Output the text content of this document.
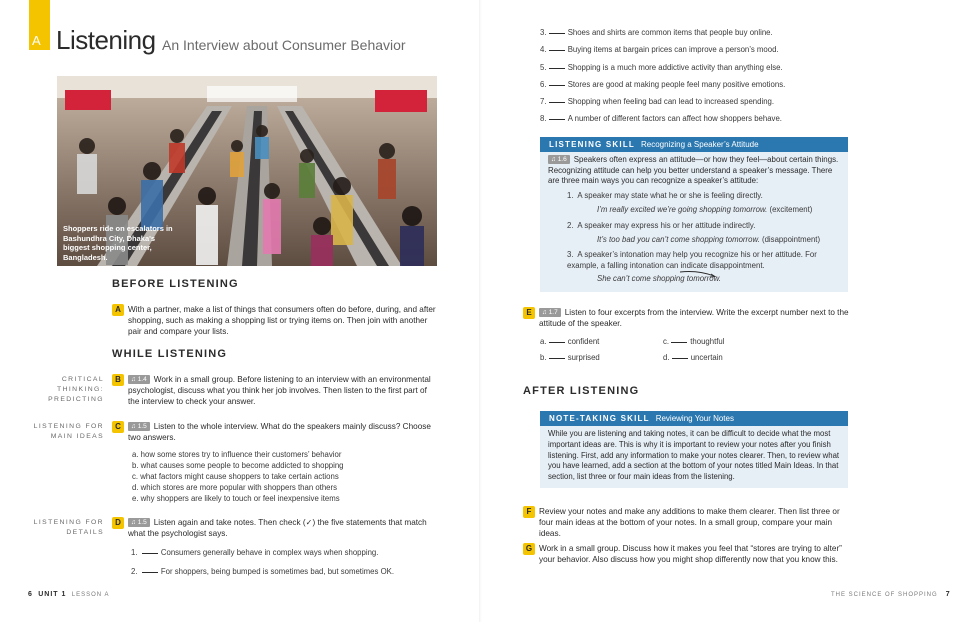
A Listening An Interview about Consumer Behavior
Shoppers ride on escalators in Bashundhra City, Dhaka's biggest shopping center, Bangladesh.
BEFORE LISTENING
A With a partner, make a list of things that consumers often do before, during, and after shopping, such as making a shopping list or trying items on. Then join with another pair and compare your lists.
WHILE LISTENING
CRITICAL THINKING:
PREDICTING
B	♫ 1.4 Work in a small group. Before listening to an interview with an environmental psychologist, discuss what you think her job involves. Then listen to the first part of the interview to check your answer.
LISTENING FOR
MAIN IDEAS
C	♫ 1.5 Listen to the whole interview. What do the speakers mainly discuss? Choose two answers.
a. how some stores try to influence their customers’ behavior
b. what causes some people to become addicted to shopping
c. what factors might cause shoppers to take certain actions
d. which stores are more popular with shoppers than others
e. why shoppers are likely to touch or feel inexpensive items
LISTENING FOR
DETAILS
D	♫ 1.5 Listen again and take notes. Then check (✓) the five statements that match what the psychologist says.
1.	Consumers generally behave in complex ways when shopping.
2.	For shoppers, being bumped is sometimes bad, but sometimes OK.
6 UNIT 1 LESSON A
3.	Shoes and shirts are common items that people buy online.
4.	Buying items at bargain prices can improve a person’s mood.
5.	Shopping is a much more addictive activity than anything else.
6.	Stores are good at making people feel many positive emotions.
7.	Shopping when feeling bad can lead to increased spending.
8.	A number of different factors can affect how shoppers behave.
LISTENING SKILL Recognizing a Speaker’s Attitude
♫ 1.6 Speakers often express an attitude—or how they feel—about certain things. Recognizing attitude can help you better understand a speaker’s message. There are three main ways you can recognize a speaker’s attitude:
1. A speaker may state what he or she is feeling directly.
I’m really excited we’re going shopping tomorrow. (excitement)
2. A speaker may express his or her attitude indirectly.
It’s too bad you can’t come shopping tomorrow. (disappointment)
3. A speaker’s intonation may help you recognize his or her attitude. For example, a falling intonation can indicate disappointment.
She can’t come shopping tomorrow.
E	♫ 1.7 Listen to four excerpts from the interview. Write the excerpt number next to the attitude of the speaker.
a.	confident	c.	thoughtful
b.	surprised	d.	uncertain
AFTER LISTENING
NOTE-TAKING SKILL Reviewing Your Notes
While you are listening and taking notes, it can be difficult to decide what the most important ideas are. This is why it is important to review your notes after you finish listening. First, add any information to make your notes clearer. Then, to review what you have learned, add a section at the bottom of your notes titled Main Ideas. In that section, list three or four main ideas from the listening.
F Review your notes and make any additions to make them clearer. Then list three or four main ideas at the bottom of your notes. In a small group, compare your main ideas.
G Work in a small group. Discuss how it makes you feel that “stores are trying to alter” your behavior. Also discuss how you might shop differently now that you know this.
THE SCIENCE OF SHOPPING 7
